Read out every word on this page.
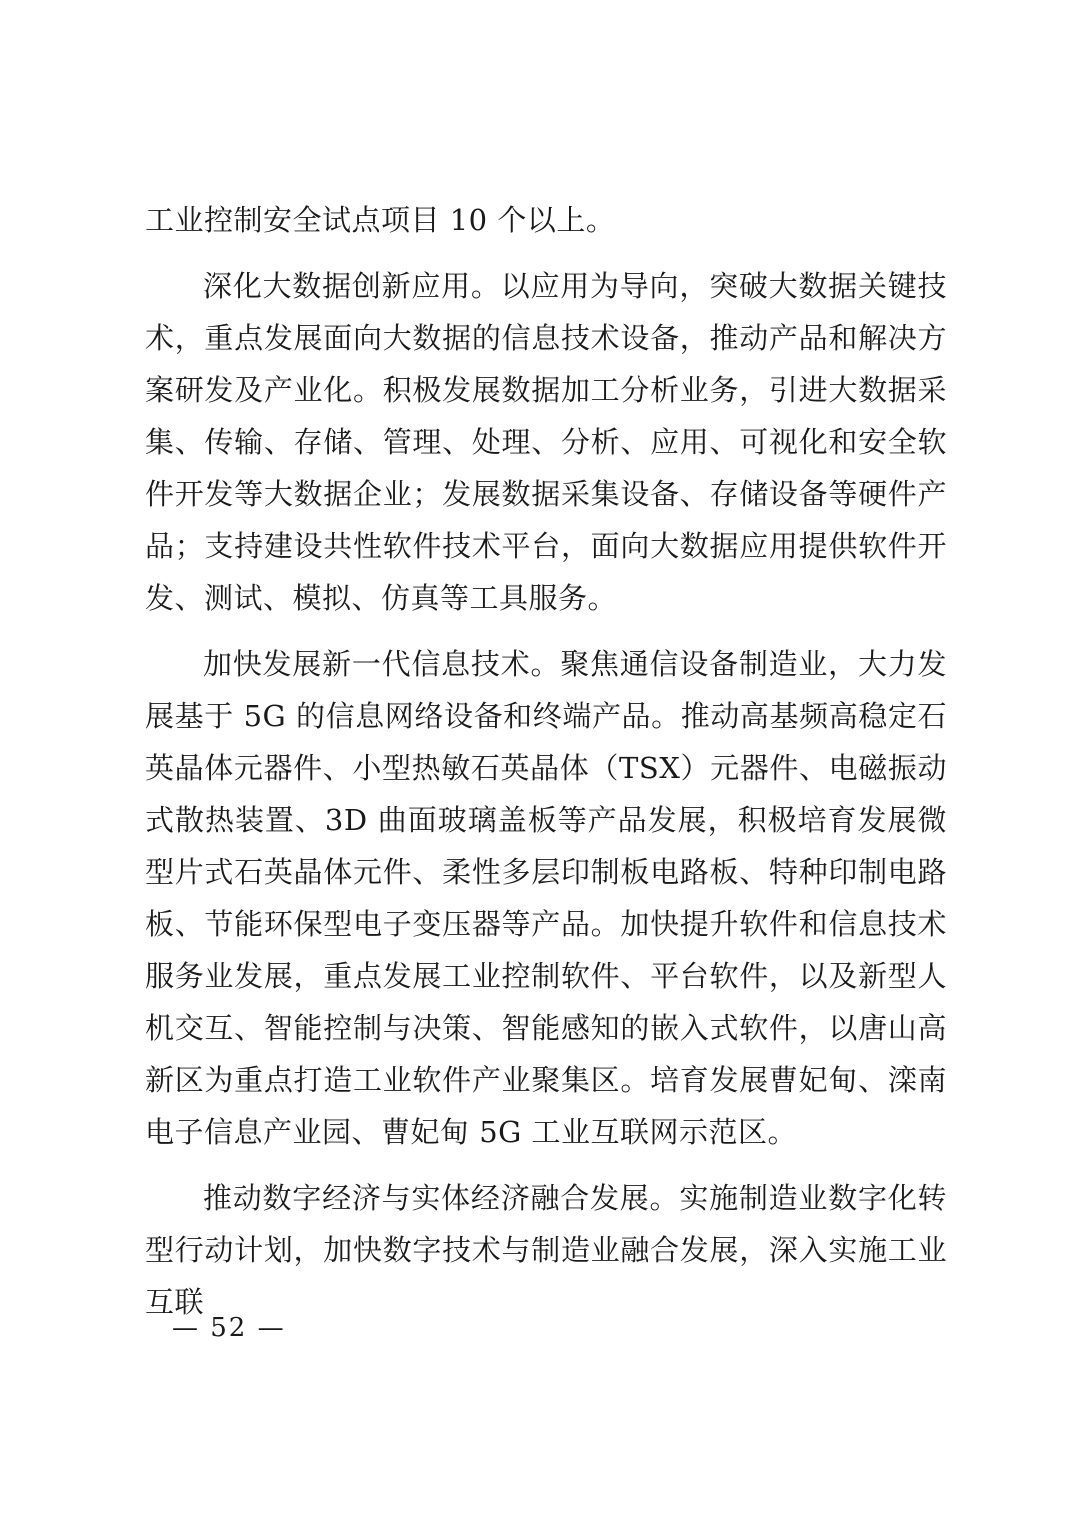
工业控制安全试点项目 10 个以上。

深化大数据创新应用。以应用为导向，突破大数据关键技术，重点发展面向大数据的信息技术设备，推动产品和解决方案研发及产业化。积极发展数据加工分析业务，引进大数据采集、传输、存储、管理、处理、分析、应用、可视化和安全软件开发等大数据企业；发展数据采集设备、存储设备等硬件产品；支持建设共性软件技术平台，面向大数据应用提供软件开发、测试、模拟、仿真等工具服务。

加快发展新一代信息技术。聚焦通信设备制造业，大力发展基于 5G 的信息网络设备和终端产品。推动高基频高稳定石英晶体元器件、小型热敏石英晶体（TSX）元器件、电磁振动式散热装置、3D 曲面玻璃盖板等产品发展，积极培育发展微型片式石英晶体元件、柔性多层印制板电路板、特种印制电路板、节能环保型电子变压器等产品。加快提升软件和信息技术服务业发展，重点发展工业控制软件、平台软件，以及新型人机交互、智能控制与决策、智能感知的嵌入式软件，以唐山高新区为重点打造工业软件产业聚集区。培育发展曹妃甸、滦南电子信息产业园、曹妃甸 5G 工业互联网示范区。

推动数字经济与实体经济融合发展。实施制造业数字化转型行动计划，加快数字技术与制造业融合发展，深入实施工业互联

— 52 —
